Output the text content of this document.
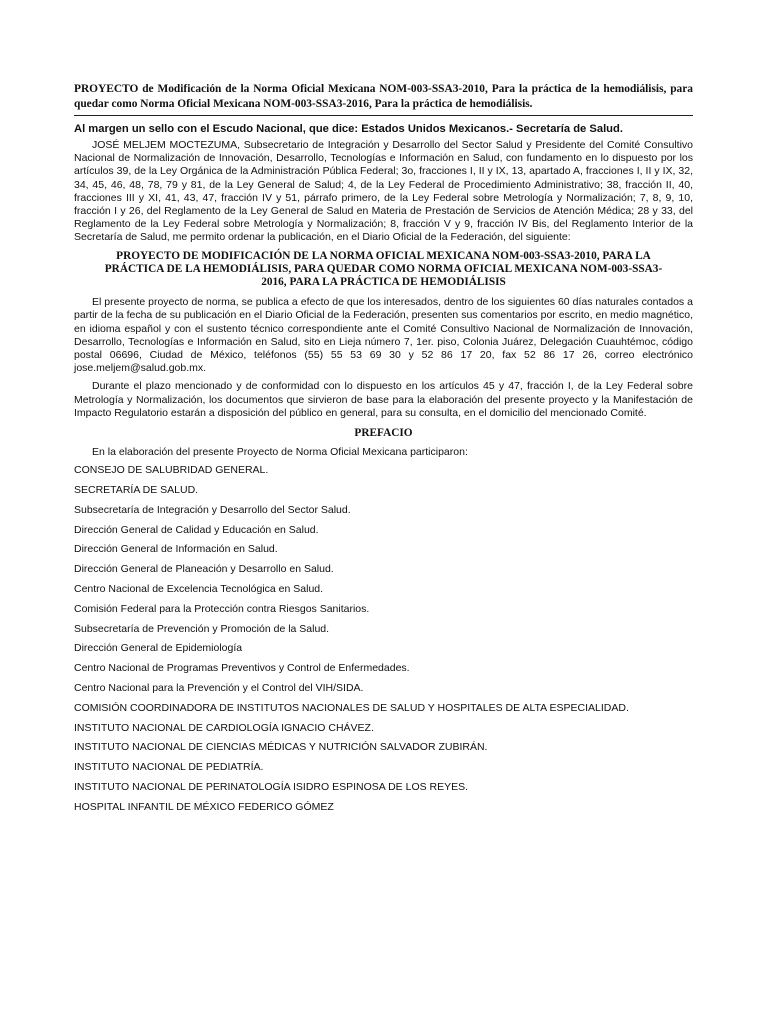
PROYECTO de Modificación de la Norma Oficial Mexicana NOM-003-SSA3-2010, Para la práctica de la hemodiálisis, para quedar como Norma Oficial Mexicana NOM-003-SSA3-2016, Para la práctica de hemodiálisis.

Al margen un sello con el Escudo Nacional, que dice: Estados Unidos Mexicanos.- Secretaría de Salud.

JOSÉ MELJEM MOCTEZUMA, Subsecretario de Integración y Desarrollo del Sector Salud y Presidente del Comité Consultivo Nacional de Normalización de Innovación, Desarrollo, Tecnologías e Información en Salud, con fundamento en lo dispuesto por los artículos 39, de la Ley Orgánica de la Administración Pública Federal; 3o, fracciones I, II y IX, 13, apartado A, fracciones I, II y IX, 32, 34, 45, 46, 48, 78, 79 y 81, de la Ley General de Salud; 4, de la Ley Federal de Procedimiento Administrativo; 38, fracción II, 40, fracciones III y XI, 41, 43, 47, fracción IV y 51, párrafo primero, de la Ley Federal sobre Metrología y Normalización; 7, 8, 9, 10, fracción I y 26, del Reglamento de la Ley General de Salud en Materia de Prestación de Servicios de Atención Médica; 28 y 33, del Reglamento de la Ley Federal sobre Metrología y Normalización; 8, fracción V y 9, fracción IV Bis, del Reglamento Interior de la Secretaría de Salud, me permito ordenar la publicación, en el Diario Oficial de la Federación, del siguiente:

PROYECTO DE MODIFICACIÓN DE LA NORMA OFICIAL MEXICANA NOM-003-SSA3-2010, PARA LA PRÁCTICA DE LA HEMODIÁLISIS, PARA QUEDAR COMO NORMA OFICIAL MEXICANA NOM-003-SSA3-2016, PARA LA PRÁCTICA DE HEMODIÁLISIS

El presente proyecto de norma, se publica a efecto de que los interesados, dentro de los siguientes 60 días naturales contados a partir de la fecha de su publicación en el Diario Oficial de la Federación, presenten sus comentarios por escrito, en medio magnético, en idioma español y con el sustento técnico correspondiente ante el Comité Consultivo Nacional de Normalización de Innovación, Desarrollo, Tecnologías e Información en Salud, sito en Lieja número 7, 1er. piso, Colonia Juárez, Delegación Cuauhtémoc, código postal 06696, Ciudad de México, teléfonos (55) 55 53 69 30 y 52 86 17 20, fax 52 86 17 26, correo electrónico jose.meljem@salud.gob.mx.

Durante el plazo mencionado y de conformidad con lo dispuesto en los artículos 45 y 47, fracción I, de la Ley Federal sobre Metrología y Normalización, los documentos que sirvieron de base para la elaboración del presente proyecto y la Manifestación de Impacto Regulatorio estarán a disposición del público en general, para su consulta, en el domicilio del mencionado Comité.

PREFACIO

En la elaboración del presente Proyecto de Norma Oficial Mexicana participaron:

CONSEJO DE SALUBRIDAD GENERAL.
SECRETARÍA DE SALUD.
Subsecretaría de Integración y Desarrollo del Sector Salud.
Dirección General de Calidad y Educación en Salud.
Dirección General de Información en Salud.
Dirección General de Planeación y Desarrollo en Salud.
Centro Nacional de Excelencia Tecnológica en Salud.
Comisión Federal para la Protección contra Riesgos Sanitarios.
Subsecretaría de Prevención y Promoción de la Salud.
Dirección General de Epidemiología
Centro Nacional de Programas Preventivos y Control de Enfermedades.
Centro Nacional para la Prevención y el Control del VIH/SIDA.
COMISIÓN COORDINADORA DE INSTITUTOS NACIONALES DE SALUD Y HOSPITALES DE ALTA ESPECIALIDAD.
INSTITUTO NACIONAL DE CARDIOLOGÍA IGNACIO CHÁVEZ.
INSTITUTO NACIONAL DE CIENCIAS MÉDICAS Y NUTRICIÓN SALVADOR ZUBIRÁN.
INSTITUTO NACIONAL DE PEDIATRÍA.
INSTITUTO NACIONAL DE PERINATOLOGÍA ISIDRO ESPINOSA DE LOS REYES.
HOSPITAL INFANTIL DE MÉXICO FEDERICO GÓMEZ
